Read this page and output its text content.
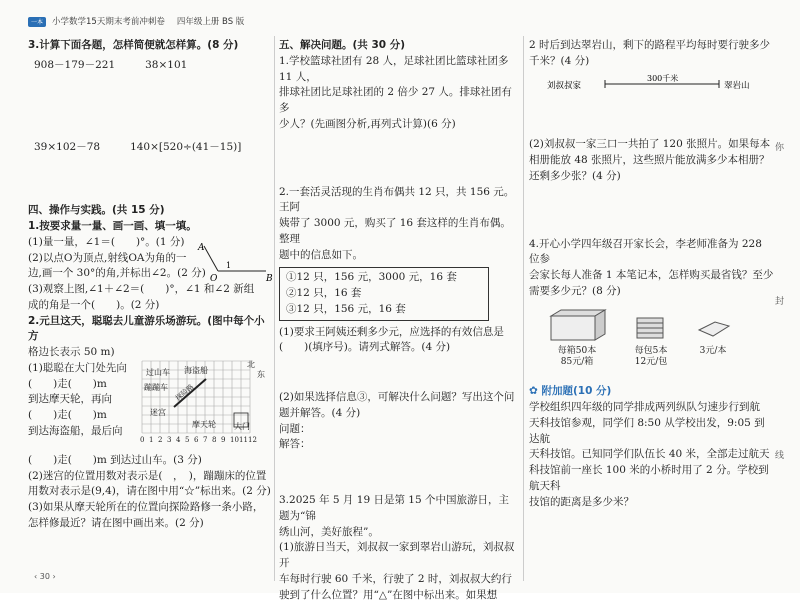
一本	小学数学15天期末考前冲刺卷 四年级上册 BS 版

3.计算下面各题，怎样简便就怎样算。(8 分)

908－179－221	38×101
39×102－78	140×[520÷(41－15)]

四、操作与实践。(共 15 分)

1.按要求量一量、画一画、填一填。

A
O	B
1

(1)量一量，∠1＝(　　)°。(1 分)

(2)以点O为顶点,射线OA为角的一

边,画一个 30°的角,并标出∠2。(2 分)

(3)观察上图,∠1＋∠2＝(　　)°，∠1 和∠2 新组

成的角是一个(　　)。(2 分)

2.元旦这天，聪聪去儿童游乐场游玩。(图中每个小方

格边长表示 50 m)

(1)聪聪在大门处先向

(　　)走(　　)m

到达摩天轮，再向

(　　)走(　　)m

到达海盗船，最后向

过山车 海盗船
蹦蹦车
迷宫
摩天轮 大门
北
东
探险路
0 1 2 3 4 5 6 7 8 9 10 11 12

(　　)走(　　)m 到达过山车。(3 分)

(2)迷宫的位置用数对表示是(　，　)，蹦蹦床的位置

用数对表示是(9,4)，请在图中用“☆”标出来。(2 分)

(3)如果从摩天轮所在的位置向探险路修一条小路，

怎样修最近？请在图中画出来。(2 分)

五、解决问题。(共 30 分)

1.学校篮球社团有 28 人，足球社团比篮球社团多 11 人，

排球社团比足球社团的 2 倍少 27 人。排球社团有多

少人？(先画图分析,再列式计算)(6 分)

2.一套活灵活现的生肖布偶共 12 只，共 156 元。王阿

姨带了 3000 元，购买了 16 套这样的生肖布偶。整理

题中的信息如下。

①12 只，156 元，3000 元，16 套　②12 只，16 套

③12 只，156 元，16 套

(1)要求王阿姨还剩多少元，应选择的有效信息是

(　　)(填序号)。请列式解答。(4 分)

(2)如果选择信息③，可解决什么问题？写出这个问

题并解答。(4 分)

问题：

解答：

3.2025 年 5 月 19 日是第 15 个中国旅游日，主题为“锦

绣山河，美好旅程”。

(1)旅游日当天，刘叔叔一家到翠岩山游玩，刘叔叔开

车每时行驶 60 千米，行驶了 2 时，刘叔叔大约行

驶到了什么位置？用“△”在图中标出来。如果想

2 时后到达翠岩山，剩下的路程平均每时要行驶多少

千米？(4 分)

刘叔叔家
300千米
翠岩山

(2)刘叔叔一家三口一共拍了 120 张照片。如果每本

相册能放 48 张照片，这些照片能放满多少本相册？

还剩多少张？(4 分)

4.开心小学四年级召开家长会，李老师准备为 228 位参

会家长每人准备 1 本笔记本，怎样购买最省钱？至少

需要多少元？(8 分)

每箱50本

85元/箱

每包5本

12元/包

3元/本

✿ 附加题(10 分)

学校组织四年级的同学排成两列纵队匀速步行到航

天科技馆参观，同学们 8:50 从学校出发，9:05 到达航

天科技馆。已知同学们队伍长 40 米，全部走过航天

科技馆前一座长 100 米的小桥时用了 2 分。学校到航天科

技馆的距离是多少米？

你
封
线
‹ 30 ›
